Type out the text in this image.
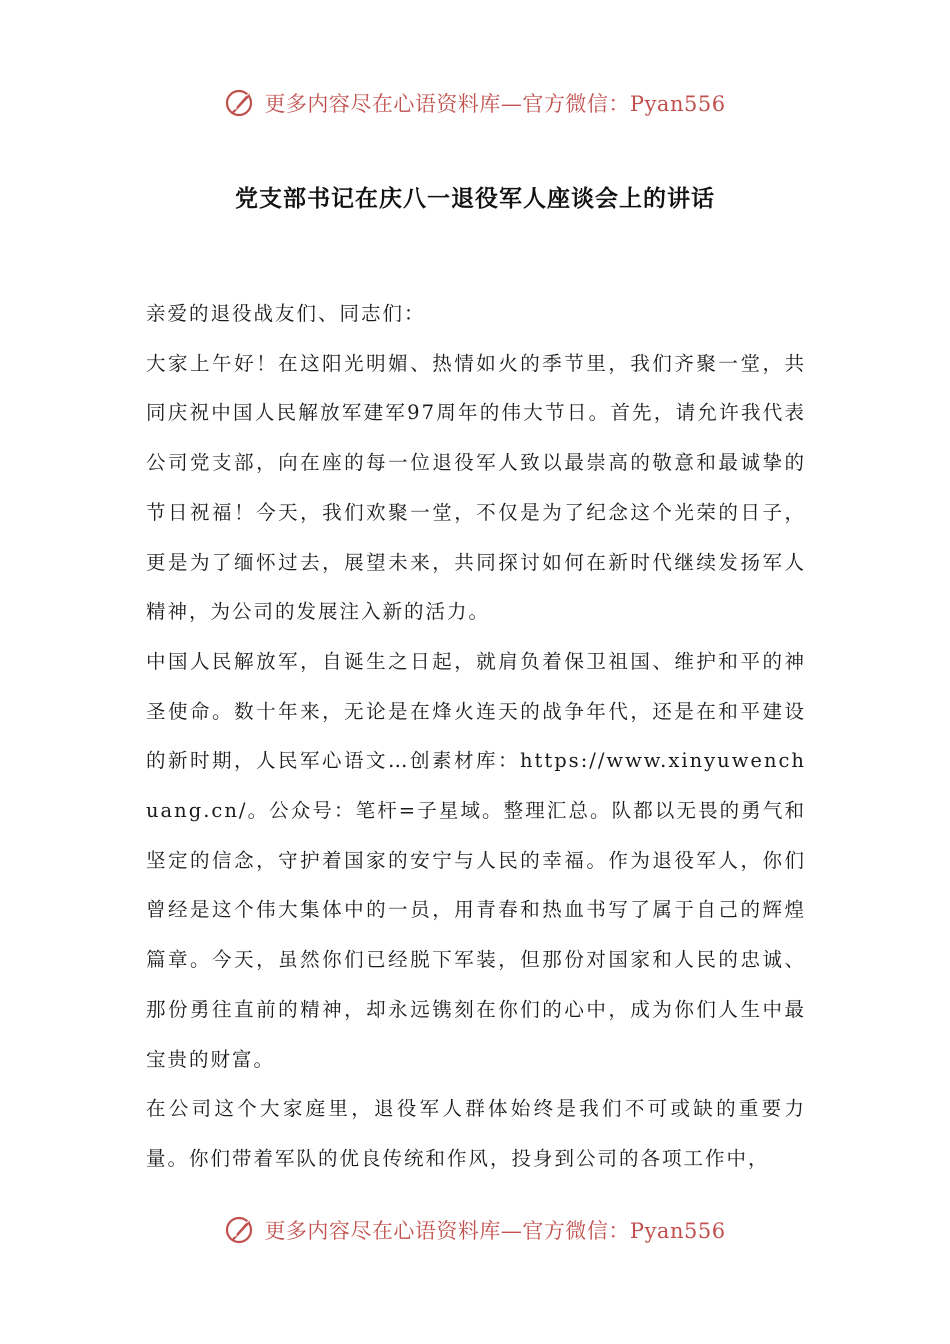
更多内容尽在心语资料库—官方微信：Pyan556
党支部书记在庆八一退役军人座谈会上的讲话

亲爱的退役战友们、同志们：

大家上午好！在这阳光明媚、热情如火的季节里，我们齐聚一堂，共同庆祝中国人民解放军建军97周年的伟大节日。首先，请允许我代表公司党支部，向在座的每一位退役军人致以最崇高的敬意和最诚挚的节日祝福！今天，我们欢聚一堂，不仅是为了纪念这个光荣的日子，更是为了缅怀过去，展望未来，共同探讨如何在新时代继续发扬军人精神，为公司的发展注入新的活力。

中国人民解放军，自诞生之日起，就肩负着保卫祖国、维护和平的神圣使命。数十年来，无论是在烽火连天的战争年代，还是在和平建设的新时期，人民军心语文…创素材库：https://www.xinyuwenchuang.cn/。公众号：笔杆=子星域。整理汇总。队都以无畏的勇气和坚定的信念，守护着国家的安宁与人民的幸福。作为退役军人，你们曾经是这个伟大集体中的一员，用青春和热血书写了属于自己的辉煌篇章。今天，虽然你们已经脱下军装，但那份对国家和人民的忠诚、那份勇往直前的精神，却永远镌刻在你们的心中，成为你们人生中最宝贵的财富。

在公司这个大家庭里，退役军人群体始终是我们不可或缺的重要力量。你们带着军队的优良传统和作风，投身到公司的各项工作中，

更多内容尽在心语资料库—官方微信：Pyan556
